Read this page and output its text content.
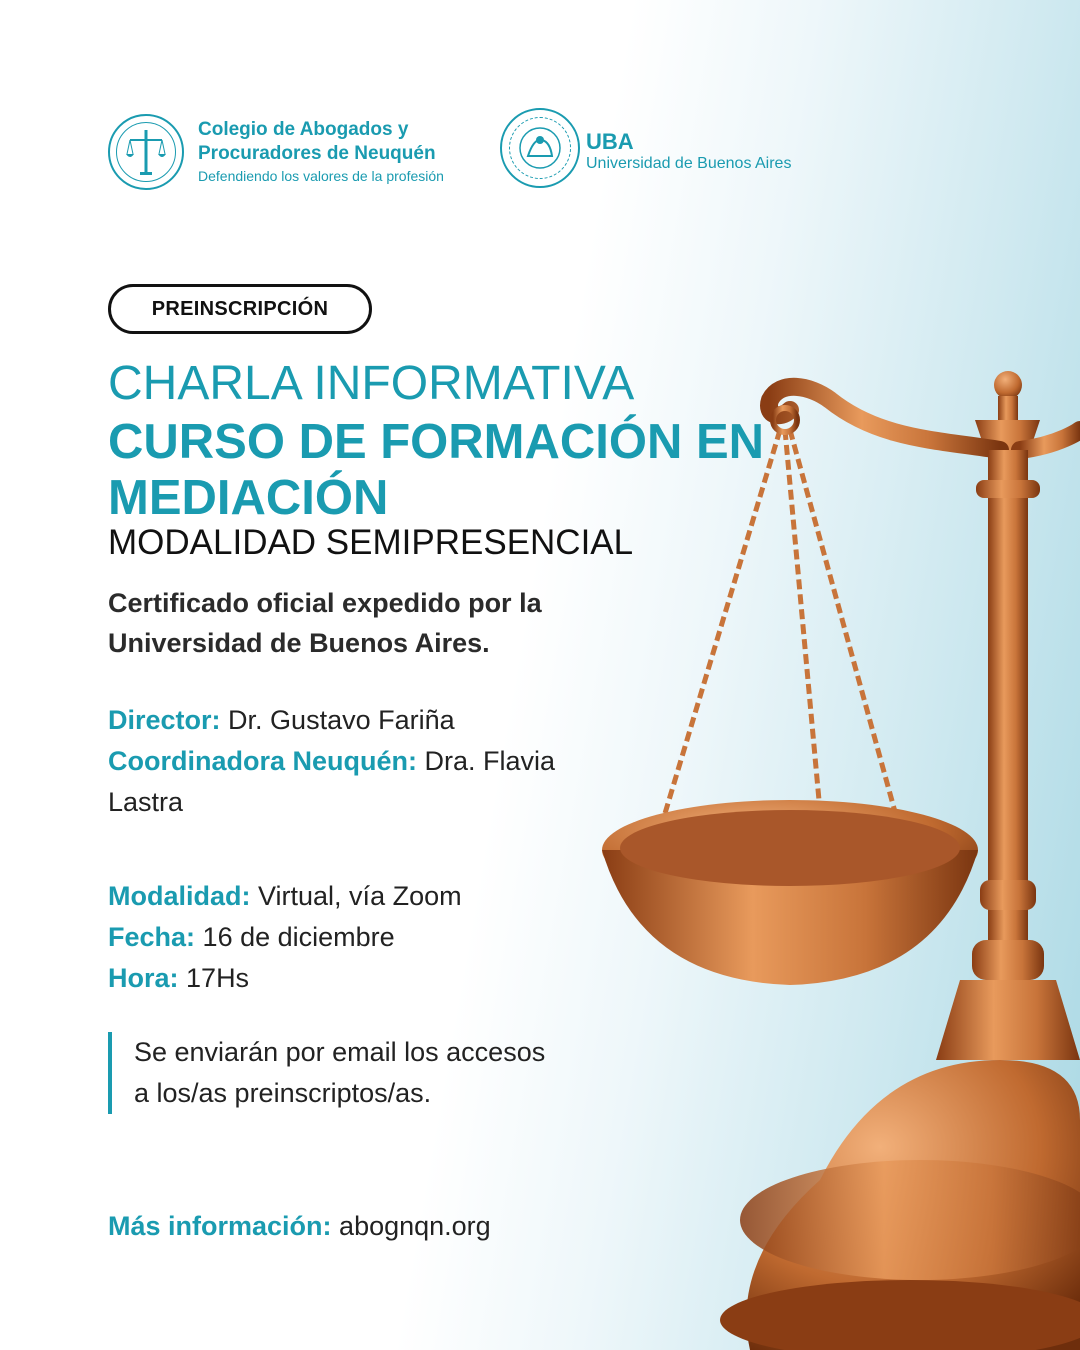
Colegio de Abogados y
Procuradores de Neuquén
Defendiendo los valores de la profesión
UBA
Universidad de Buenos Aires
PREINSCRIPCIÓN
CHARLA INFORMATIVA
CURSO DE FORMACIÓN EN MEDIACIÓN
MODALIDAD SEMIPRESENCIAL
Certificado oficial expedido por la Universidad de Buenos Aires.
Director: Dr. Gustavo Fariña
Coordinadora Neuquén: Dra. Flavia Lastra
Modalidad: Virtual, vía Zoom
Fecha: 16 de diciembre
Hora: 17Hs
Se enviarán por email los accesos a los/as preinscriptos/as.
Más información: abognqn.org
